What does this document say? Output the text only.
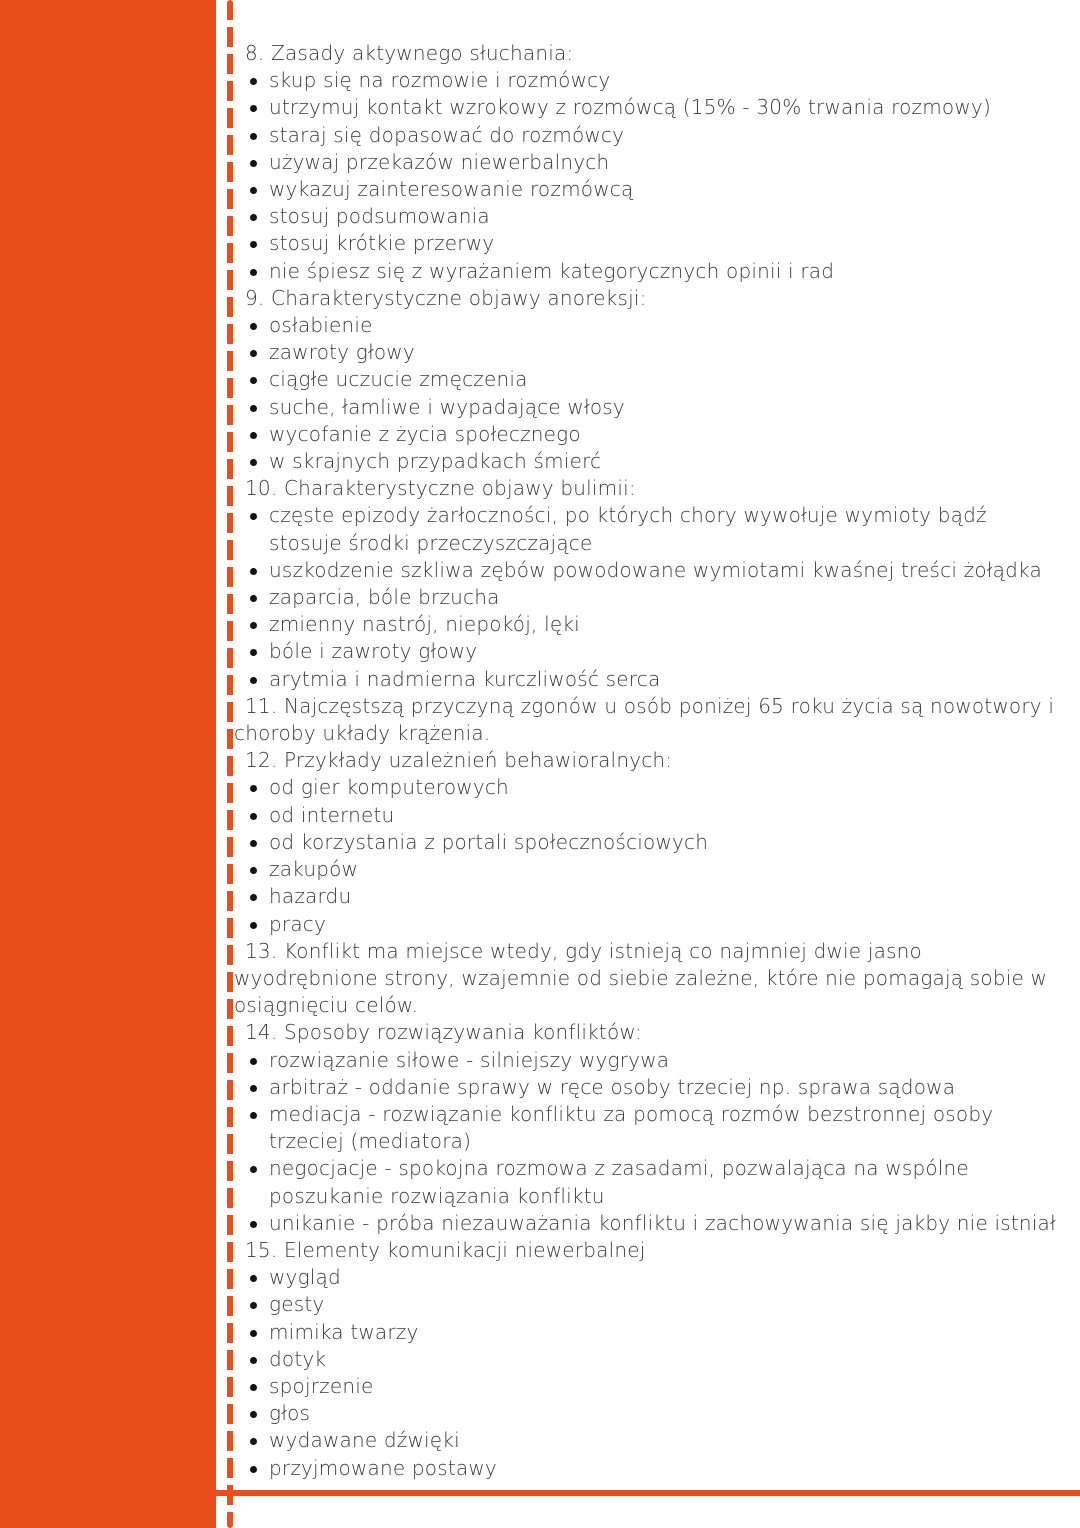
8. Zasady aktywnego słuchania:

skup się na rozmowie i rozmówcy
utrzymuj kontakt wzrokowy z rozmówcą (15% - 30% trwania rozmowy)
staraj się dopasować do rozmówcy
używaj przekazów niewerbalnych
wykazuj zainteresowanie rozmówcą
stosuj podsumowania
stosuj krótkie przerwy
nie śpiesz się z wyrażaniem kategorycznych opinii i rad

9. Charakterystyczne objawy anoreksji:

osłabienie
zawroty głowy
ciągłe uczucie zmęczenia
suche, łamliwe i wypadające włosy
wycofanie z życia społecznego
w skrajnych przypadkach śmierć

10. Charakterystyczne objawy bulimii:

częste epizody żarłoczności, po których chory wywołuje wymioty bądź stosuje środki przeczyszczające
uszkodzenie szkliwa zębów powodowane wymiotami kwaśnej treści żołądka
zaparcia, bóle brzucha
zmienny nastrój, niepokój, lęki
bóle i zawroty głowy
arytmia i nadmierna kurczliwość serca

11. Najczęstszą przyczyną zgonów u osób poniżej 65 roku życia są nowotwory i choroby układy krążenia.

12. Przykłady uzależnień behawioralnych:

od gier komputerowych
od internetu
od korzystania z portali społecznościowych
zakupów
hazardu
pracy

13. Konflikt ma miejsce wtedy, gdy istnieją co najmniej dwie jasno wyodrębnione strony, wzajemnie od siebie zależne, które nie pomagają sobie w osiągnięciu celów.

14. Sposoby rozwiązywania konfliktów:

rozwiązanie siłowe - silniejszy wygrywa
arbitraż - oddanie sprawy w ręce osoby trzeciej np. sprawa sądowa
mediacja - rozwiązanie konfliktu za pomocą rozmów bezstronnej osoby trzeciej (mediatora)
negocjacje - spokojna rozmowa z zasadami, pozwalająca na wspólne poszukanie rozwiązania konfliktu
unikanie - próba niezauważania konfliktu i zachowywania się jakby nie istniał

15. Elementy komunikacji niewerbalnej

wygląd
gesty
mimika twarzy
dotyk
spojrzenie
głos
wydawane dźwięki
przyjmowane postawy
